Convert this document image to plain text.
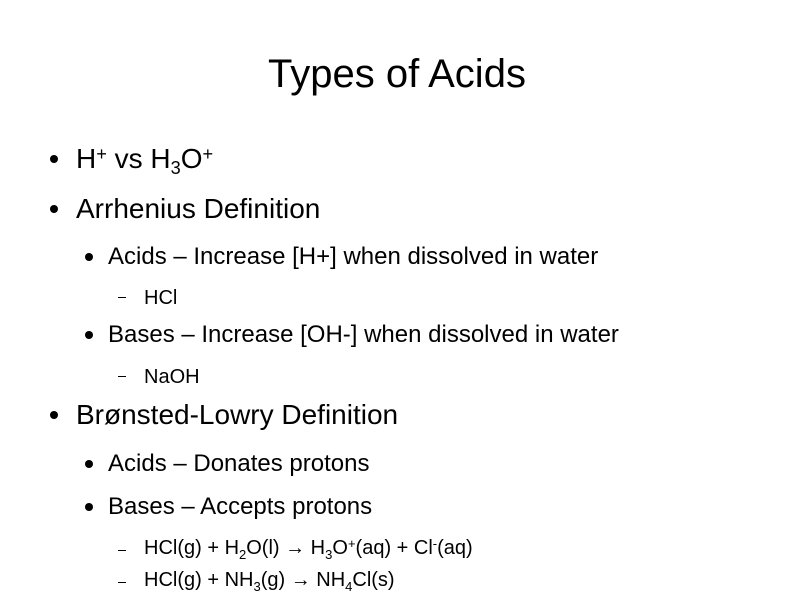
Types of Acids
H+ vs $H_3O^+$
Arrhenius Definition
Acids – Increase [H+] when dissolved in water
HCl
Bases – Increase [OH-] when dissolved in water
NaOH
Brønsted-Lowry Definition
Acids – Donates protons
Bases – Accepts protons
$HCl(g) + H_2O(l) \to H_3O^+(aq) + Cl^-(aq)$
$HCl(g) + NH_3(g) \to NH_4Cl(s)$
